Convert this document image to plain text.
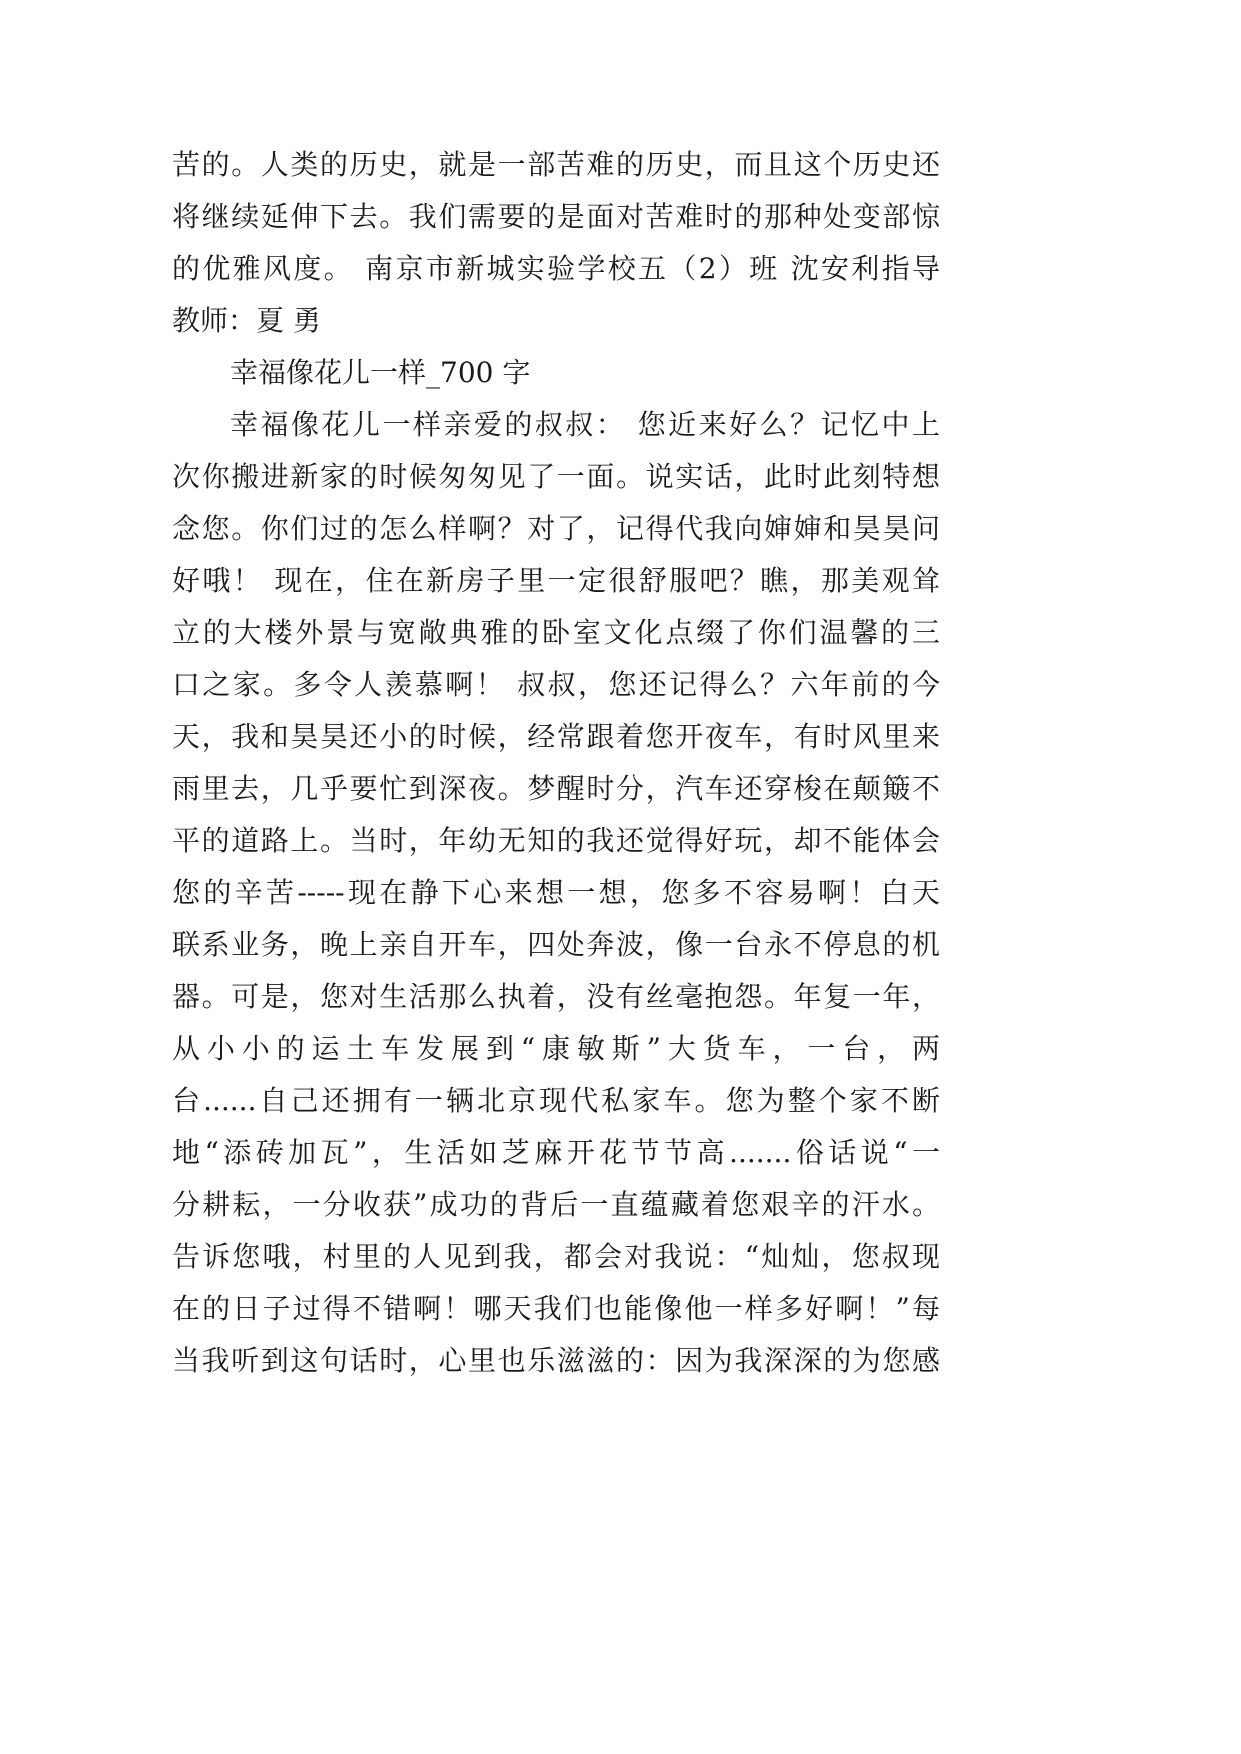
苦的。人类的历史，就是一部苦难的历史，而且这个历史还
将继续延伸下去。我们需要的是面对苦难时的那种处变部惊
的优雅风度。 南京市新城实验学校五（2）班 沈安利指导
教师：夏 勇
幸福像花儿一样_700 字
幸福像花儿一样亲爱的叔叔： 您近来好么？记忆中上
次你搬进新家的时候匆匆见了一面。说实话，此时此刻特想
念您。你们过的怎么样啊？对了，记得代我向婶婶和昊昊问
好哦！ 现在，住在新房子里一定很舒服吧？瞧，那美观耸
立的大楼外景与宽敞典雅的卧室文化点缀了你们温馨的三
口之家。多令人羡慕啊！ 叔叔，您还记得么？六年前的今
天，我和昊昊还小的时候，经常跟着您开夜车，有时风里来
雨里去，几乎要忙到深夜。梦醒时分，汽车还穿梭在颠簸不
平的道路上。当时，年幼无知的我还觉得好玩，却不能体会
您的辛苦-----现在静下心来想一想，您多不容易啊！白天
联系业务，晚上亲自开车，四处奔波，像一台永不停息的机
器。可是，您对生活那么执着，没有丝毫抱怨。年复一年，
从小小的运土车发展到“康敏斯”大货车，一台，两
台......自己还拥有一辆北京现代私家车。您为整个家不断
地“添砖加瓦”，生活如芝麻开花节节高.......俗话说“一
分耕耘，一分收获”成功的背后一直蕴藏着您艰辛的汗水。
告诉您哦，村里的人见到我，都会对我说：“灿灿，您叔现
在的日子过得不错啊！哪天我们也能像他一样多好啊！”每
当我听到这句话时，心里也乐滋滋的：因为我深深的为您感
